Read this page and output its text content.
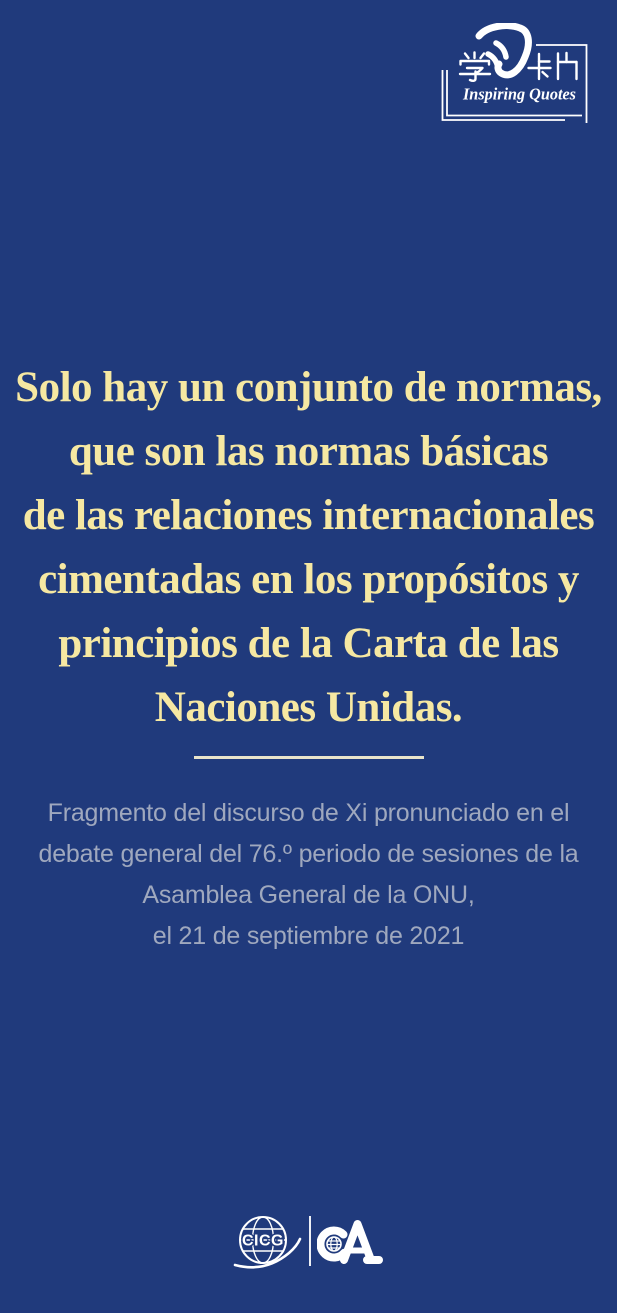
Inspiring Quotes

Solo hay un conjunto de normas,

que son las normas básicas

de las relaciones internacionales

cimentadas en los propósitos y

principios de la Carta de las

Naciones Unidas.

Fragmento del discurso de Xi pronunciado en el

debate general del 76.º periodo de sesiones de la

Asamblea General de la ONU,

el 21 de septiembre de 2021

CICG
